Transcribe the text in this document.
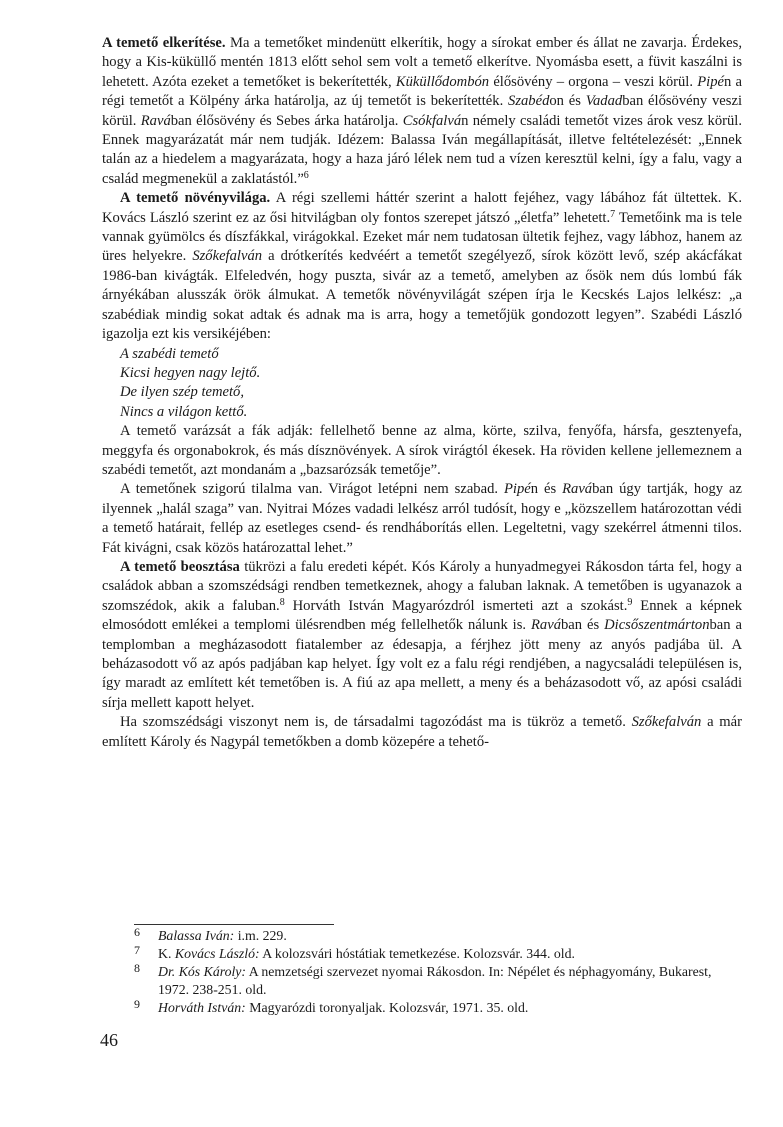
A temető elkerítése. Ma a temetőket mindenütt elkerítik, hogy a sírokat ember és állat ne zavarja. Érdekes, hogy a Kis-küküllő mentén 1813 előtt sehol sem volt a temető elkerítve. Nyomásba esett, a füvit kaszálni is lehetett. Azóta ezeket a temetőket is bekerítették, Küküllődombón élősövény – orgona – veszi körül. Pipén a régi temetőt a Kölpény árka határolja, az új temetőt is bekerítették. Szabédon és Vadadban élősövény veszi körül. Ravában élősövény és Sebes árka határolja. Csókfalván némely családi temetőt vizes árok vesz körül. Ennek magyarázatát már nem tudják. Idézem: Balassa Iván megállapítását, illetve feltételezését: „Ennek talán az a hiedelem a magyarázata, hogy a haza járó lélek nem tud a vízen keresztül kelni, így a falu, vagy a család megmenekül a zaklatástól.”$^6$

A temető növényvilága. A régi szellemi háttér szerint a halott fejéhez, vagy lábához fát ültettek. K. Kovács László szerint ez az ősi hitvilágban oly fontos szerepet játszó „életfa” lehetett.$^7$ Temetőink ma is tele vannak gyümölcs és díszfákkal, virágokkal. Ezeket már nem tudatosan ültetik fejhez, vagy lábhoz, hanem az üres helyekre. Szőkefalván a drótkerítés kedvéért a temetőt szegélyező, sírok között levő, szép akácfákat 1986-ban kivágták. Elfeledvén, hogy puszta, sivár az a temető, amelyben az ősök nem dús lombú fák árnyékában alusszák örök álmukat. A temetők növényvilágát szépen írja le Kecskés Lajos lelkész: „a szabédiak mindig sokat adtak és adnak ma is arra, hogy a temetőjük gondozott legyen”. Szabédi László igazolja ezt kis versikéjében:

A szabédi temető
Kicsi hegyen nagy lejtő.
De ilyen szép temető,
Nincs a világon kettő.

A temető varázsát a fák adják: fellelhető benne az alma, körte, szilva, fenyőfa, hársfa, gesztenyefa, meggyfa és orgonabokrok, és más dísznövények. A sírok virágtól ékesek. Ha röviden kellene jellemeznem a szabédi temetőt, azt mondanám a „bazsarózsák temetője”.

A temetőnek szigorú tilalma van. Virágot letépni nem szabad. Pipén és Ravában úgy tartják, hogy az ilyennek „halál szaga” van. Nyitrai Mózes vadadi lelkész arról tudósít, hogy e „közszellem határozottan védi a temető határait, fellép az esetleges csend- és rendháborítás ellen. Legeltetni, vagy szekérrel átmenni tilos. Fát kivágni, csak közös határozattal lehet.”

A temető beosztása tükrözi a falu eredeti képét. Kós Károly a hunyadmegyei Rákosdon tárta fel, hogy a családok abban a szomszédsági rendben temetkeznek, ahogy a faluban laknak. A temetőben is ugyanazok a szomszédok, akik a faluban.$^8$ Horváth István Magyarózdról ismerteti azt a szokást.$^9$ Ennek a képnek elmosódott emlékei a templomi ülésrendben még fellelhetők nálunk is. Ravában és Dicsőszentmártonban a templomban a megházasodott fiatalember az édesapja, a férjhez jött meny az anyós padjába ül. A beházasodott vő az após padjában kap helyet. Így volt ez a falu régi rendjében, a nagycsaládi településen is, így maradt az említett két temetőben is. A fiú az apa mellett, a meny és a beházasodott vő, az apósi családi sírja mellett kapott helyet.

Ha szomszédsági viszonyt nem is, de társadalmi tagozódást ma is tükröz a temető. Szőkefalván a már említett Károly és Nagypál temetőkben a domb közepére a tehető-

6 Balassa Iván: i.m. 229.
7 K. Kovács László: A kolozsvári hóstátiak temetkezése. Kolozsvár. 344. old.
8 Dr. Kós Károly: A nemzetségi szervezet nyomai Rákosdon. In: Népélet és néphagyomány, Bukarest, 1972. 238-251. old.
9 Horváth István: Magyarózdi toronyaljak. Kolozsvár, 1971. 35. old.
46
